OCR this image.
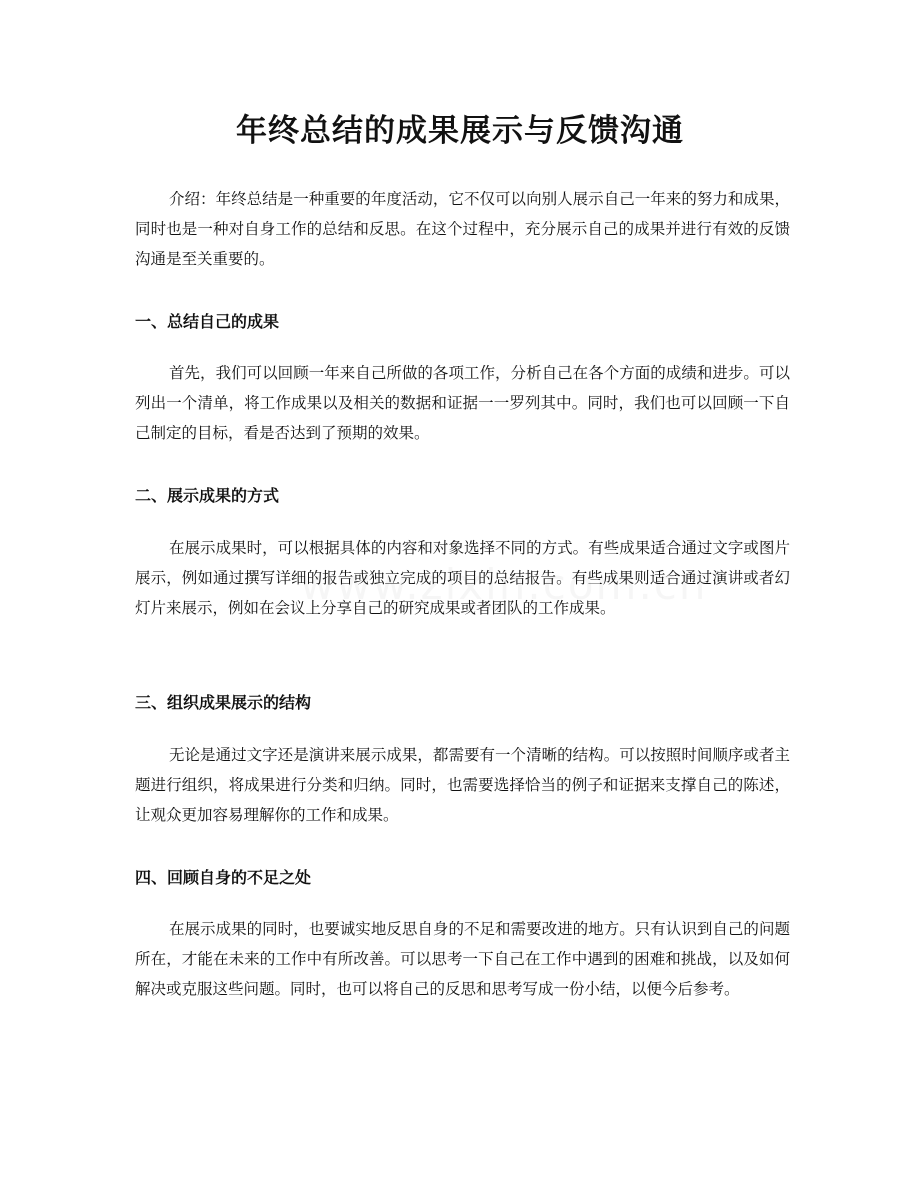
年终总结的成果展示与反馈沟通

介绍：年终总结是一种重要的年度活动，它不仅可以向别人展示自己一年来的努力和成果，同时也是一种对自身工作的总结和反思。在这个过程中，充分展示自己的成果并进行有效的反馈沟通是至关重要的。

一、总结自己的成果

首先，我们可以回顾一年来自己所做的各项工作，分析自己在各个方面的成绩和进步。可以列出一个清单，将工作成果以及相关的数据和证据一一罗列其中。同时，我们也可以回顾一下自己制定的目标，看是否达到了预期的效果。

二、展示成果的方式

在展示成果时，可以根据具体的内容和对象选择不同的方式。有些成果适合通过文字或图片展示，例如通过撰写详细的报告或独立完成的项目的总结报告。有些成果则适合通过演讲或者幻灯片来展示，例如在会议上分享自己的研究成果或者团队的工作成果。

三、组织成果展示的结构

无论是通过文字还是演讲来展示成果，都需要有一个清晰的结构。可以按照时间顺序或者主题进行组织，将成果进行分类和归纳。同时，也需要选择恰当的例子和证据来支撑自己的陈述，让观众更加容易理解你的工作和成果。

四、回顾自身的不足之处

在展示成果的同时，也要诚实地反思自身的不足和需要改进的地方。只有认识到自己的问题所在，才能在未来的工作中有所改善。可以思考一下自己在工作中遇到的困难和挑战，以及如何解决或克服这些问题。同时，也可以将自己的反思和思考写成一份小结，以便今后参考。
